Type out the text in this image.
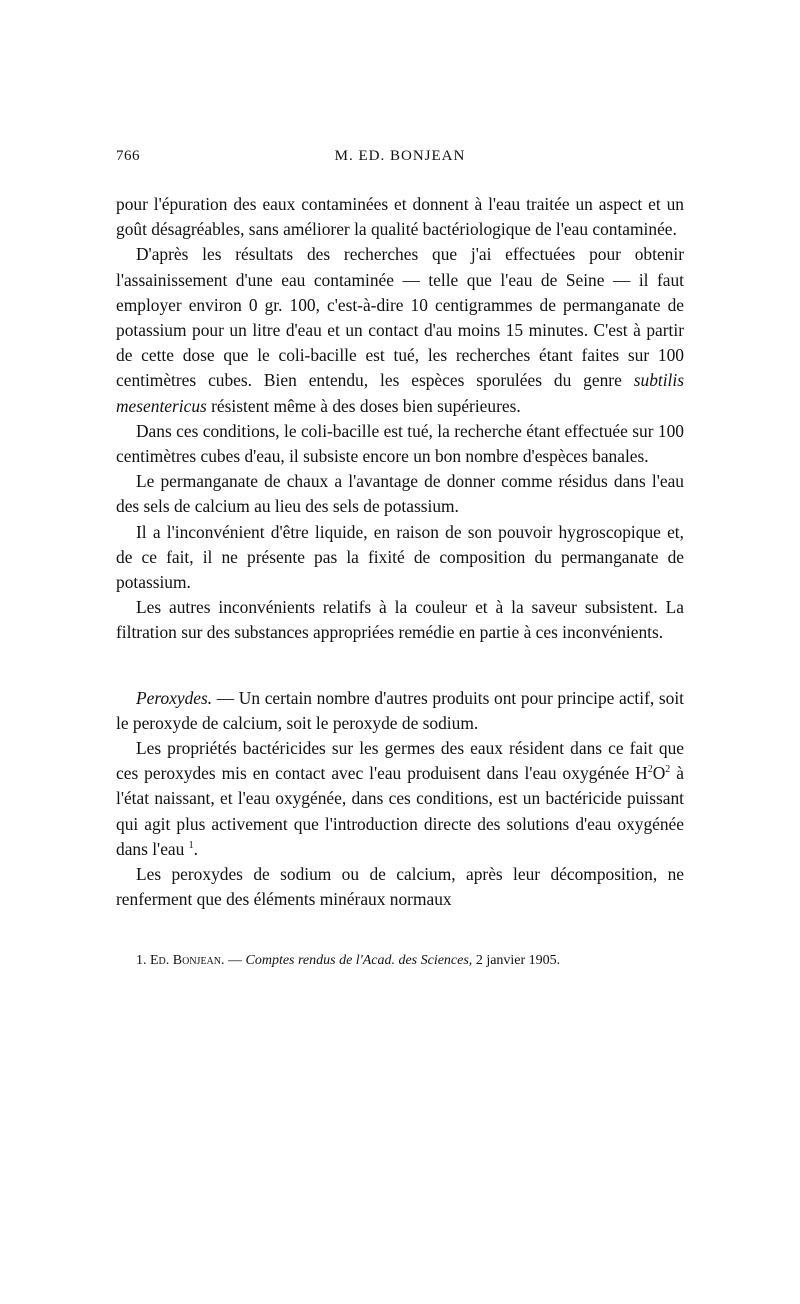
766	M. ED. BONJEAN

pour l'épuration des eaux contaminées et donnent à l'eau traitée un aspect et un goût désagréables, sans améliorer la qualité bactériologique de l'eau contaminée.

D'après les résultats des recherches que j'ai effectuées pour obtenir l'assainissement d'une eau contaminée — telle que l'eau de Seine — il faut employer environ 0 gr. 100, c'est-à-dire 10 centigrammes de permanganate de potassium pour un litre d'eau et un contact d'au moins 15 minutes. C'est à partir de cette dose que le coli-bacille est tué, les recherches étant faites sur 100 centimètres cubes. Bien entendu, les espèces sporulées du genre subtilis mesentericus résistent même à des doses bien supérieures.

Dans ces conditions, le coli-bacille est tué, la recherche étant effectuée sur 100 centimètres cubes d'eau, il subsiste encore un bon nombre d'espèces banales.

Le permanganate de chaux a l'avantage de donner comme résidus dans l'eau des sels de calcium au lieu des sels de potassium.

Il a l'inconvénient d'être liquide, en raison de son pouvoir hygroscopique et, de ce fait, il ne présente pas la fixité de composition du permanganate de potassium.

Les autres inconvénients relatifs à la couleur et à la saveur subsistent. La filtration sur des substances appropriées remédie en partie à ces inconvénients.

Peroxydes. — Un certain nombre d'autres produits ont pour principe actif, soit le peroxyde de calcium, soit le peroxyde de sodium.

Les propriétés bactéricides sur les germes des eaux résident dans ce fait que ces peroxydes mis en contact avec l'eau produisent dans l'eau oxygénée $H^2O^2$ à l'état naissant, et l'eau oxygénée, dans ces conditions, est un bactéricide puissant qui agit plus activement que l'introduction directe des solutions d'eau oxygénée dans l'eau $^1$.

Les peroxydes de sodium ou de calcium, après leur décomposition, ne renferment que des éléments minéraux normaux

1. Ed. Bonjean. — Comptes rendus de l'Acad. des Sciences, 2 janvier 1905.
